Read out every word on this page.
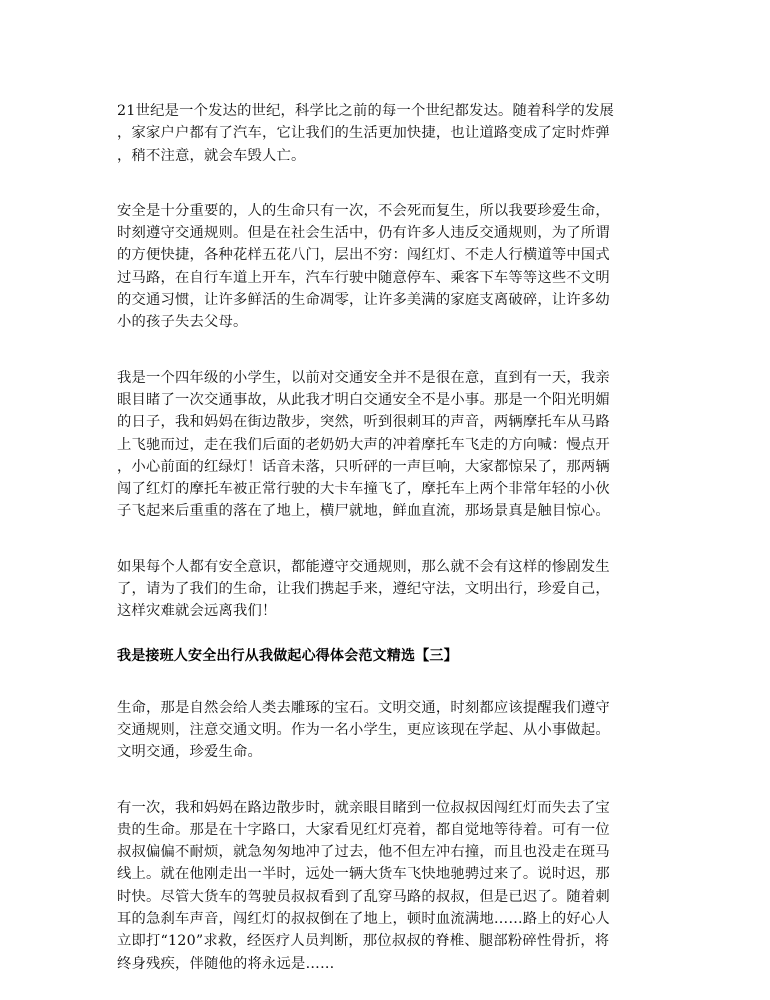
21世纪是一个发达的世纪，科学比之前的每一个世纪都发达。随着科学的发展
，家家户户都有了汽车，它让我们的生活更加快捷，也让道路变成了定时炸弹
，稍不注意，就会车毁人亡。

安全是十分重要的，人的生命只有一次，不会死而复生，所以我要珍爱生命，
时刻遵守交通规则。但是在社会生活中，仍有许多人违反交通规则，为了所谓
的方便快捷，各种花样五花八门，层出不穷：闯红灯、不走人行横道等中国式
过马路，在自行车道上开车，汽车行驶中随意停车、乘客下车等等这些不文明
的交通习惯，让许多鲜活的生命凋零，让许多美满的家庭支离破碎，让许多幼
小的孩子失去父母。

我是一个四年级的小学生，以前对交通安全并不是很在意，直到有一天，我亲
眼目睹了一次交通事故，从此我才明白交通安全不是小事。那是一个阳光明媚
的日子，我和妈妈在街边散步，突然，听到很刺耳的声音，两辆摩托车从马路
上飞驰而过，走在我们后面的老奶奶大声的冲着摩托车飞走的方向喊：慢点开
，小心前面的红绿灯！话音未落，只听砰的一声巨响，大家都惊呆了，那两辆
闯了红灯的摩托车被正常行驶的大卡车撞飞了，摩托车上两个非常年轻的小伙
子飞起来后重重的落在了地上，横尸就地，鲜血直流，那场景真是触目惊心。

如果每个人都有安全意识，都能遵守交通规则，那么就不会有这样的惨剧发生
了，请为了我们的生命，让我们携起手来，遵纪守法，文明出行，珍爱自己，
这样灾难就会远离我们！

我是接班人安全出行从我做起心得体会范文精选【三】

生命，那是自然会给人类去雕琢的宝石。文明交通，时刻都应该提醒我们遵守
交通规则，注意交通文明。作为一名小学生，更应该现在学起、从小事做起。
文明交通，珍爱生命。

有一次，我和妈妈在路边散步时，就亲眼目睹到一位叔叔因闯红灯而失去了宝
贵的生命。那是在十字路口，大家看见红灯亮着，都自觉地等待着。可有一位
叔叔偏偏不耐烦，就急匆匆地冲了过去，他不但左冲右撞，而且也没走在斑马
线上。就在他刚走出一半时，远处一辆大货车飞快地驰骋过来了。说时迟，那
时快。尽管大货车的驾驶员叔叔看到了乱穿马路的叔叔，但是已迟了。随着刺
耳的急刹车声音，闯红灯的叔叔倒在了地上，顿时血流满地……路上的好心人
立即打“120”求救，经医疗人员判断，那位叔叔的脊椎、腿部粉碎性骨折，将
终身残疾，伴随他的将永远是……
